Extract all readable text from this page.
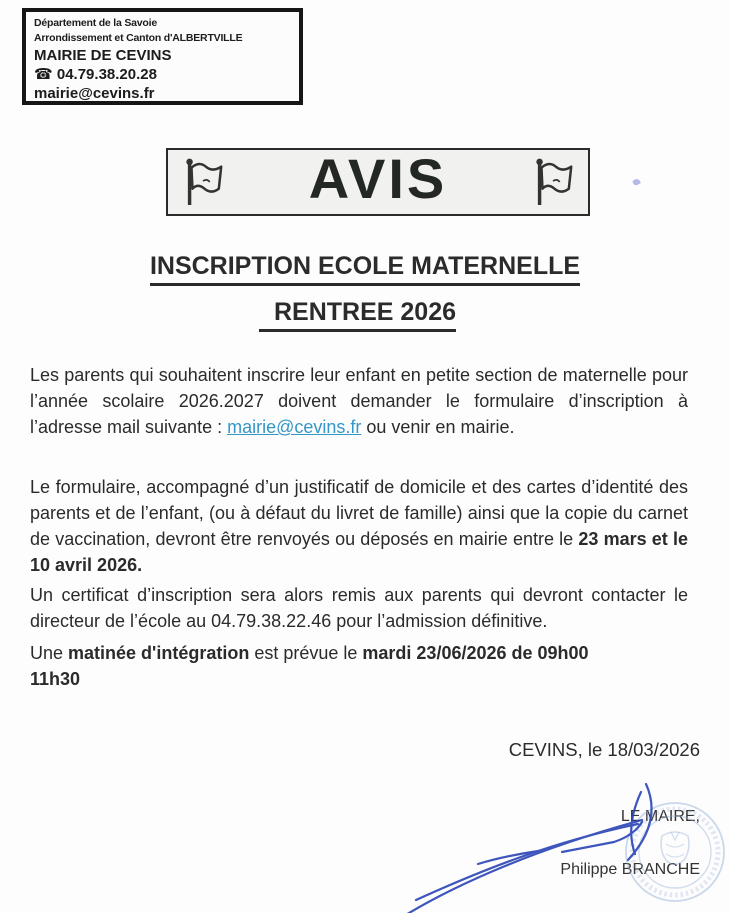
Département de la Savoie
Arrondissement et Canton d'ALBERTVILLE
MAIRIE DE CEVINS
☎ 04.79.38.20.28
mairie@cevins.fr
AVIS
INSCRIPTION ECOLE MATERNELLE
RENTREE 2026

Les parents qui souhaitent inscrire leur enfant en petite section de maternelle pour l’année scolaire 2026.2027 doivent demander le formulaire d’inscription à l’adresse mail suivante : mairie@cevins.fr ou venir en mairie.

Le formulaire, accompagné d’un justificatif de domicile et des cartes d’identité des parents et de l’enfant, (ou à défaut du livret de famille) ainsi que la copie du carnet de vaccination, devront être renvoyés ou déposés en mairie entre le 23 mars et le 10 avril 2026.

Un certificat d’inscription sera alors remis aux parents qui devront contacter le directeur de l’école au 04.79.38.22.46 pour l’admission définitive.

Une matinée d'intégration est prévue le mardi 23/06/2026 de 09h00
11h30

CEVINS, le 18/03/2026
LE MAIRE,
Philippe BRANCHE
